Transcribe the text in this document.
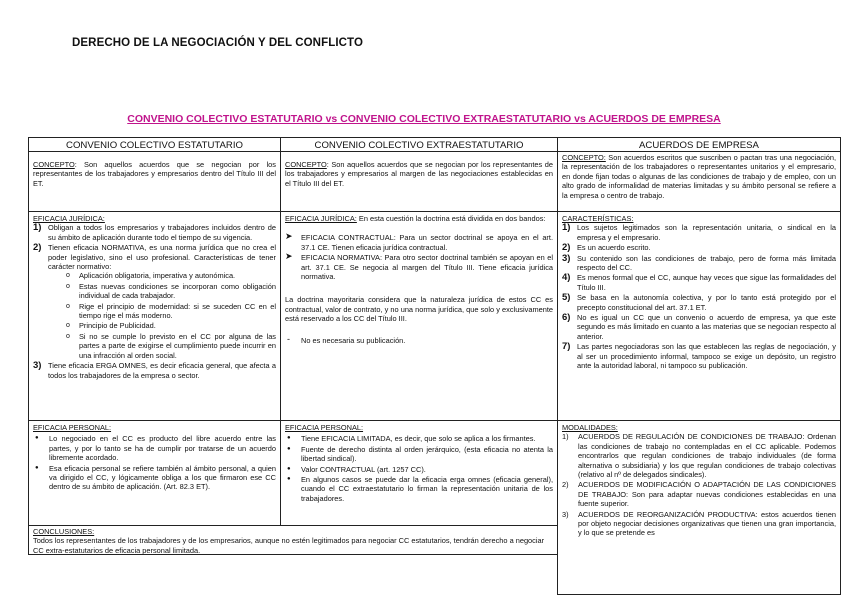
DERECHO DE LA NEGOCIACIÓN Y DEL CONFLICTO
CONVENIO COLECTIVO ESTATUTARIO vs CONVENIO COLECTIVO EXTRAESTATUTARIO vs ACUERDOS DE EMPRESA
CONVENIO COLECTIVO ESTATUTARIO	CONVENIO COLECTIVO EXTRAESTATUTARIO	ACUERDOS DE EMPRESA
CONCEPTO: Son aquellos acuerdos que se negocian por los representantes de los trabajadores y empresarios dentro del Título III del ET.
CONCEPTO: Son aquellos acuerdos que se negocian por los representantes de los trabajadores y empresarios al margen de las negociaciones establecidas en el Título III del ET.
CONCEPTO: Son acuerdos escritos que suscriben o pactan tras una negociación, la representación de los trabajadores o representantes unitarios y el empresario, en donde fijan todas o algunas de las condiciones de trabajo y de empleo, con un alto grado de informalidad de materias limitadas y su ámbito personal se refiere a la empresa o centro de trabajo.
EFICACIA JURÍDICA:
1) Obligan a todos los empresarios y trabajadores incluidos dentro de su ámbito de aplicación durante todo el tiempo de su vigencia.
2) Tienen eficacia NORMATIVA, es una norma jurídica que no crea el poder legislativo, sino el uso profesional. Características de tener carácter normativo:
o Aplicación obligatoria, imperativa y autonómica.
o Estas nuevas condiciones se incorporan como obligación individual de cada trabajador.
o Rige el principio de modernidad: si se suceden CC en el tiempo rige el más moderno.
o Principio de Publicidad.
o Si no se cumple lo previsto en el CC por alguna de las partes a parte de exigirse el cumplimiento puede incurrir en una infracción al orden social.
3) Tiene eficacia ERGA OMNES, es decir eficacia general, que afecta a todos los trabajadores de la empresa o sector.
EFICACIA JURÍDICA: En esta cuestión la doctrina está dividida en dos bandos:
➤ EFICACIA CONTRACTUAL: Para un sector doctrinal se apoya en el art. 37.1 CE. Tienen eficacia jurídica contractual.
➤ EFICACIA NORMATIVA: Para otro sector doctrinal también se apoyan en el art. 37.1 CE. Se negocia al margen del Título III. Tiene eficacia jurídica normativa.
La doctrina mayoritaria considera que la naturaleza jurídica de estos CC es contractual, valor de contrato, y no una norma jurídica, que solo y exclusivamente está reservado a los CC del Título III.
- No es necesaria su publicación.
CARACTERÍSTICAS:
1) Los sujetos legitimados son la representación unitaria, o sindical en la empresa y el empresario.
2) Es un acuerdo escrito.
3) Su contenido son las condiciones de trabajo, pero de forma más limitada respecto del CC.
4) Es menos formal que el CC, aunque hay veces que sigue las formalidades del Título III.
5) Se basa en la autonomía colectiva, y por lo tanto está protegido por el precepto constitucional del art. 37.1 ET.
6) No es igual un CC que un convenio o acuerdo de empresa, ya que este segundo es más limitado en cuanto a las materias que se negocian respecto al anterior.
7) Las partes negociadoras son las que establecen las reglas de negociación, y al ser un procedimiento informal, tampoco se exige un depósito, un registro ante la autoridad laboral, ni tampoco su publicación.
EFICACIA PERSONAL:
● Lo negociado en el CC es producto del libre acuerdo entre las partes, y por lo tanto se ha de cumplir por tratarse de un acuerdo libremente acordado.
● Esa eficacia personal se refiere también al ámbito personal, a quien va dirigido el CC, y lógicamente obliga a los que firmaron ese CC dentro de su ámbito de aplicación. (Art. 82.3 ET).
EFICACIA PERSONAL:
● Tiene EFICACIA LIMITADA, es decir, que solo se aplica a los firmantes.
● Fuente de derecho distinta al orden jerárquico, (esta eficacia no atenta la libertad sindical).
● Valor CONTRACTUAL (art. 1257 CC).
● En algunos casos se puede dar la eficacia erga omnes (eficacia general), cuando el CC extraestatutario lo firman la representación unitaria de los trabajadores.
MODALIDADES:
1) ACUERDOS DE REGULACIÓN DE CONDICIONES DE TRABAJO: Ordenan las condiciones de trabajo no contempladas en el CC aplicable. Podemos encontrarlos que regulan condiciones de trabajo individuales (de forma alternativa o subsidiaria) y los que regulan condiciones de trabajo colectivas (relativo al nº de delegados sindicales).
2) ACUERDOS DE MODIFICACIÓN O ADAPTACIÓN DE LAS CONDICIONES DE TRABAJO: Son para adaptar nuevas condiciones establecidas en una fuente superior.
3) ACUERDOS DE REORGANIZACIÓN PRODUCTIVA: estos acuerdos tienen por objeto negociar decisiones organizativas que tienen una gran importancia, y lo que se pretende es
CONCLUSIONES:
Todos los representantes de los trabajadores y de los empresarios, aunque no estén legitimados para negociar CC estatutarios, tendrán derecho a negociar CC extra-estatutarios de eficacia personal limitada.
